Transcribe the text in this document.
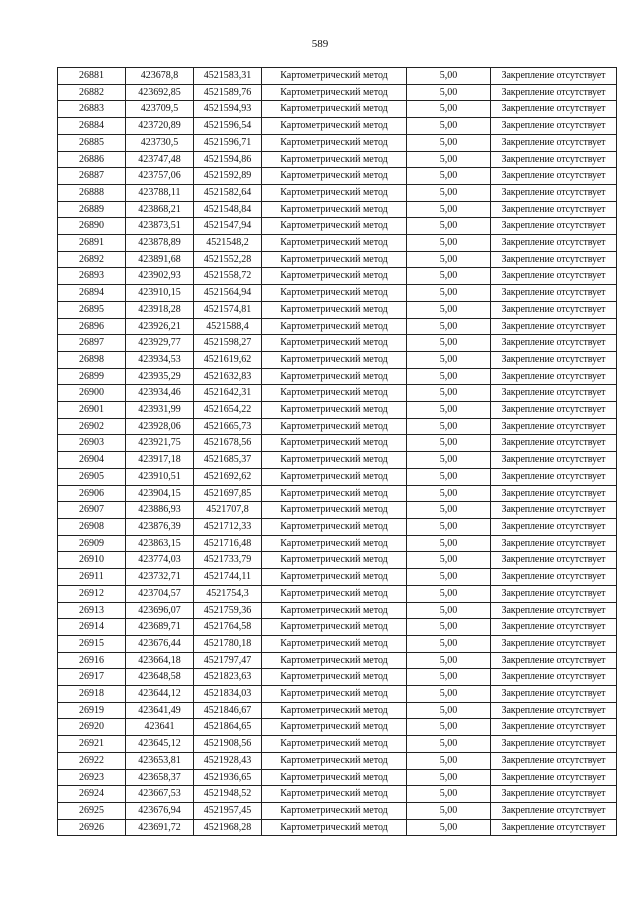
589
26881	423678,8	4521583,31	Картометрический метод	5,00	Закрепление отсутствует
26882	423692,85	4521589,76	Картометрический метод	5,00	Закрепление отсутствует
26883	423709,5	4521594,93	Картометрический метод	5,00	Закрепление отсутствует
26884	423720,89	4521596,54	Картометрический метод	5,00	Закрепление отсутствует
26885	423730,5	4521596,71	Картометрический метод	5,00	Закрепление отсутствует
26886	423747,48	4521594,86	Картометрический метод	5,00	Закрепление отсутствует
26887	423757,06	4521592,89	Картометрический метод	5,00	Закрепление отсутствует
26888	423788,11	4521582,64	Картометрический метод	5,00	Закрепление отсутствует
26889	423868,21	4521548,84	Картометрический метод	5,00	Закрепление отсутствует
26890	423873,51	4521547,94	Картометрический метод	5,00	Закрепление отсутствует
26891	423878,89	4521548,2	Картометрический метод	5,00	Закрепление отсутствует
26892	423891,68	4521552,28	Картометрический метод	5,00	Закрепление отсутствует
26893	423902,93	4521558,72	Картометрический метод	5,00	Закрепление отсутствует
26894	423910,15	4521564,94	Картометрический метод	5,00	Закрепление отсутствует
26895	423918,28	4521574,81	Картометрический метод	5,00	Закрепление отсутствует
26896	423926,21	4521588,4	Картометрический метод	5,00	Закрепление отсутствует
26897	423929,77	4521598,27	Картометрический метод	5,00	Закрепление отсутствует
26898	423934,53	4521619,62	Картометрический метод	5,00	Закрепление отсутствует
26899	423935,29	4521632,83	Картометрический метод	5,00	Закрепление отсутствует
26900	423934,46	4521642,31	Картометрический метод	5,00	Закрепление отсутствует
26901	423931,99	4521654,22	Картометрический метод	5,00	Закрепление отсутствует
26902	423928,06	4521665,73	Картометрический метод	5,00	Закрепление отсутствует
26903	423921,75	4521678,56	Картометрический метод	5,00	Закрепление отсутствует
26904	423917,18	4521685,37	Картометрический метод	5,00	Закрепление отсутствует
26905	423910,51	4521692,62	Картометрический метод	5,00	Закрепление отсутствует
26906	423904,15	4521697,85	Картометрический метод	5,00	Закрепление отсутствует
26907	423886,93	4521707,8	Картометрический метод	5,00	Закрепление отсутствует
26908	423876,39	4521712,33	Картометрический метод	5,00	Закрепление отсутствует
26909	423863,15	4521716,48	Картометрический метод	5,00	Закрепление отсутствует
26910	423774,03	4521733,79	Картометрический метод	5,00	Закрепление отсутствует
26911	423732,71	4521744,11	Картометрический метод	5,00	Закрепление отсутствует
26912	423704,57	4521754,3	Картометрический метод	5,00	Закрепление отсутствует
26913	423696,07	4521759,36	Картометрический метод	5,00	Закрепление отсутствует
26914	423689,71	4521764,58	Картометрический метод	5,00	Закрепление отсутствует
26915	423676,44	4521780,18	Картометрический метод	5,00	Закрепление отсутствует
26916	423664,18	4521797,47	Картометрический метод	5,00	Закрепление отсутствует
26917	423648,58	4521823,63	Картометрический метод	5,00	Закрепление отсутствует
26918	423644,12	4521834,03	Картометрический метод	5,00	Закрепление отсутствует
26919	423641,49	4521846,67	Картометрический метод	5,00	Закрепление отсутствует
26920	423641	4521864,65	Картометрический метод	5,00	Закрепление отсутствует
26921	423645,12	4521908,56	Картометрический метод	5,00	Закрепление отсутствует
26922	423653,81	4521928,43	Картометрический метод	5,00	Закрепление отсутствует
26923	423658,37	4521936,65	Картометрический метод	5,00	Закрепление отсутствует
26924	423667,53	4521948,52	Картометрический метод	5,00	Закрепление отсутствует
26925	423676,94	4521957,45	Картометрический метод	5,00	Закрепление отсутствует
26926	423691,72	4521968,28	Картометрический метод	5,00	Закрепление отсутствует
